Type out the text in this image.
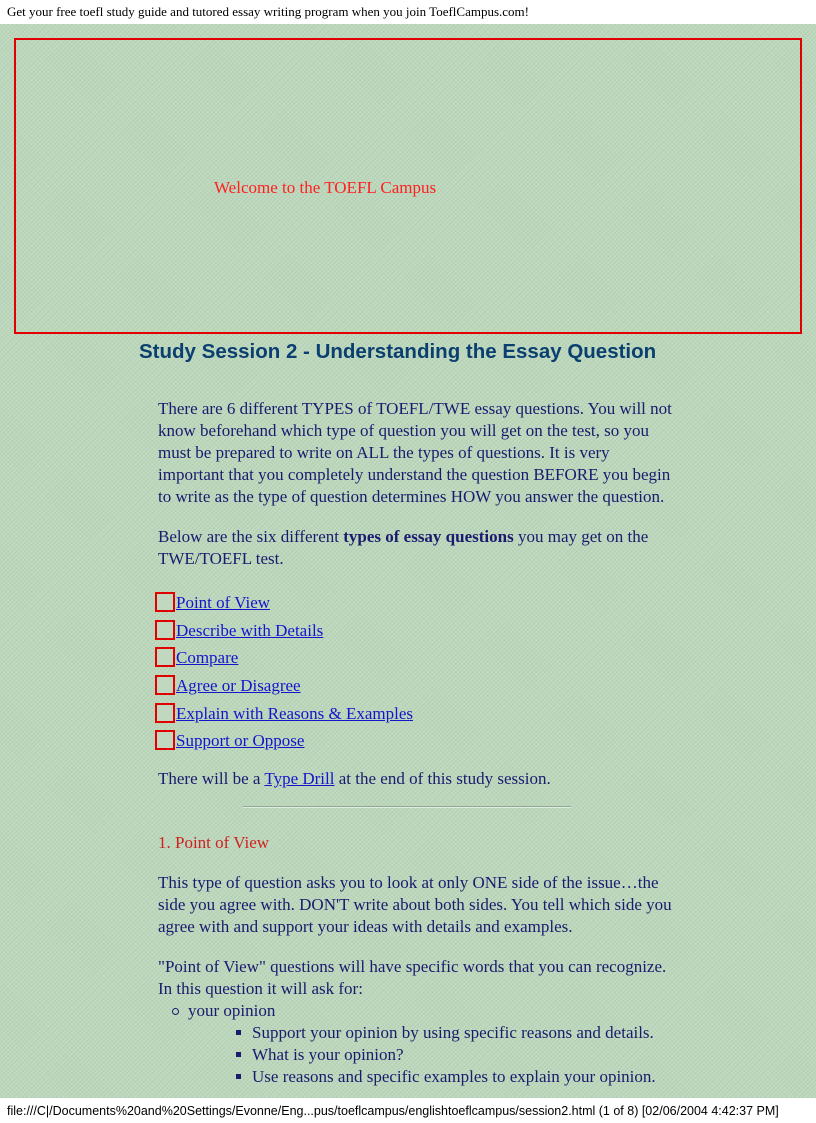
Get your free toefl study guide and tutored essay writing program when you join ToeflCampus.com!
Welcome to the TOEFL Campus
Study Session 2 - Understanding the Essay Question

There are 6 different TYPES of TOEFL/TWE essay questions. You will not know beforehand which type of question you will get on the test, so you must be prepared to write on ALL the types of questions. It is very important that you completely understand the question BEFORE you begin to write as the type of question determines HOW you answer the question.

Below are the six different types of essay questions you may get on the TWE/TOEFL test.

Point of View
Describe with Details
Compare
Agree or Disagree
Explain with Reasons & Examples
Support or Oppose

There will be a Type Drill at the end of this study session.

1. Point of View

This type of question asks you to look at only ONE side of the issue…the side you agree with. DON'T write about both sides. You tell which side you agree with and support your ideas with details and examples.

"Point of View" questions will have specific words that you can recognize. In this question it will ask for:

your opinion
Support your opinion by using specific reasons and details.
What is your opinion?
Use reasons and specific examples to explain your opinion.
file:///C|/Documents%20and%20Settings/Evonne/Eng...pus/toeflcampus/englishtoeflcampus/session2.html (1 of 8) [02/06/2004 4:42:37 PM]
